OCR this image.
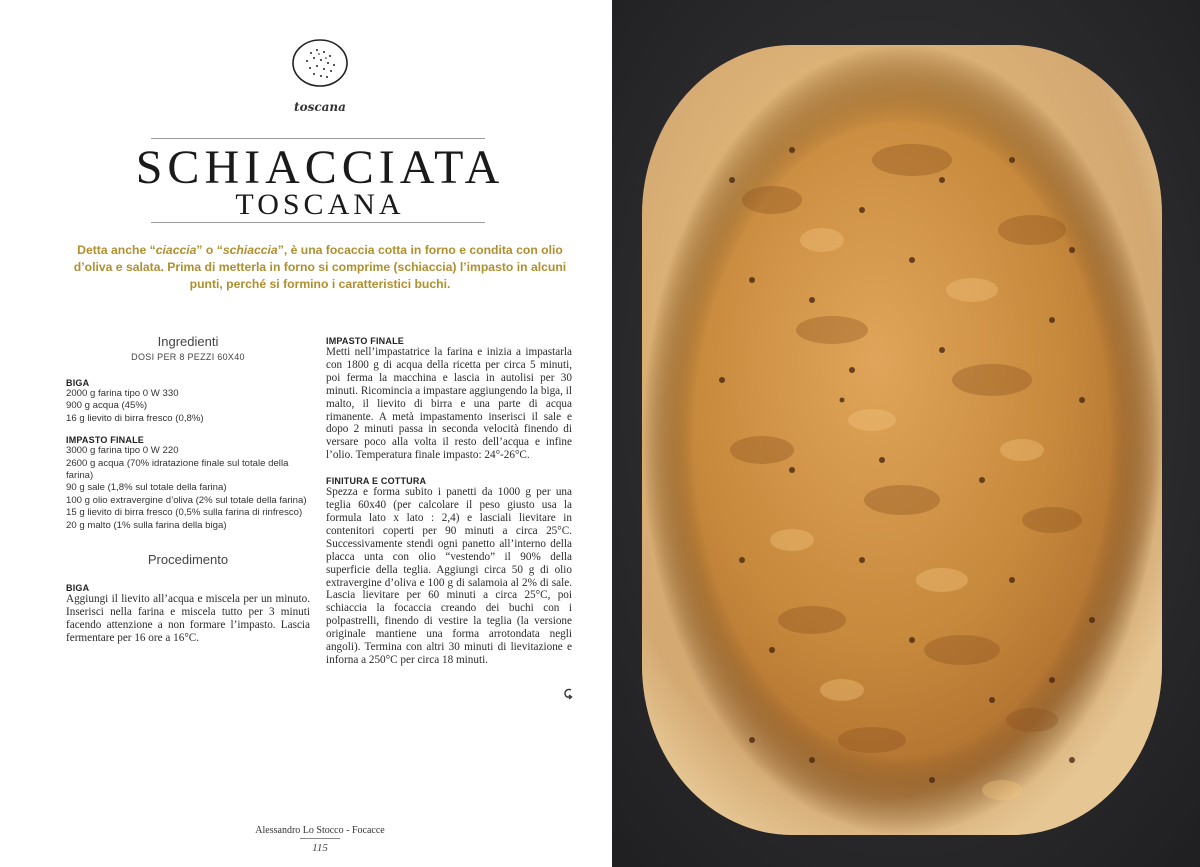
toscana
SCHIACCIATA
TOSCANA
Detta anche “ciaccia” o “schiaccia”, è una focaccia cotta in forno e condita con olio d’oliva e salata. Prima di metterla in forno si comprime (schiaccia) l’impasto in alcuni punti, perché si formino i caratteristici buchi.

Ingredienti

DOSI PER 8 PEZZI 60X40

BIGA

2000 g farina tipo 0 W 330

900 g acqua (45%)

16 g lievito di birra fresco (0,8%)

IMPASTO FINALE

3000 g farina tipo 0 W 220

2600 g acqua (70% idratazione finale sul totale della farina)

90 g sale (1,8% sul totale della farina)

100 g olio extravergine d’oliva (2% sul totale della farina)

15 g lievito di birra fresco (0,5% sulla farina di rinfresco)

20 g malto (1% sulla farina della biga)

Procedimento

BIGA

Aggiungi il lievito all’acqua e miscela per un minuto. Inserisci nella farina e miscela tutto per 3 minuti facendo attenzione a non formare l’impasto. Lascia fermentare per 16 ore a 16°C.

IMPASTO FINALE

Metti nell’impastatrice la farina e inizia a impastarla con 1800 g di acqua della ricetta per circa 5 minuti, poi ferma la macchina e lascia in autolisi per 30 minuti. Ricomincia a impastare aggiungendo la biga, il malto, il lievito di birra e una parte di acqua rimanente. A metà impastamento inserisci il sale e dopo 2 minuti passa in seconda velocità finendo di versare poco alla volta il resto dell’acqua e infine l’olio. Temperatura finale impasto: 24°-26°C.

FINITURA E COTTURA

Spezza e forma subito i panetti da 1000 g per una teglia 60x40 (per calcolare il peso giusto usa la formula lato x lato : 2,4) e lasciali lievitare in contenitori coperti per 90 minuti a circa 25°C. Successivamente stendi ogni panetto all’interno della placca unta con olio “vestendo” il 90% della superficie della teglia. Aggiungi circa 50 g di olio extravergine d’oliva e 100 g di salamoia al 2% di sale. Lascia lievitare per 60 minuti a circa 25°C, poi schiaccia la focaccia creando dei buchi con i polpastrelli, finendo di vestire la teglia (la versione originale mantiene una forma arrotondata negli angoli). Termina con altri 30 minuti di lievitazione e inforna a 250°C per circa 18 minuti.

Alessandro Lo Stocco - Focacce
115
